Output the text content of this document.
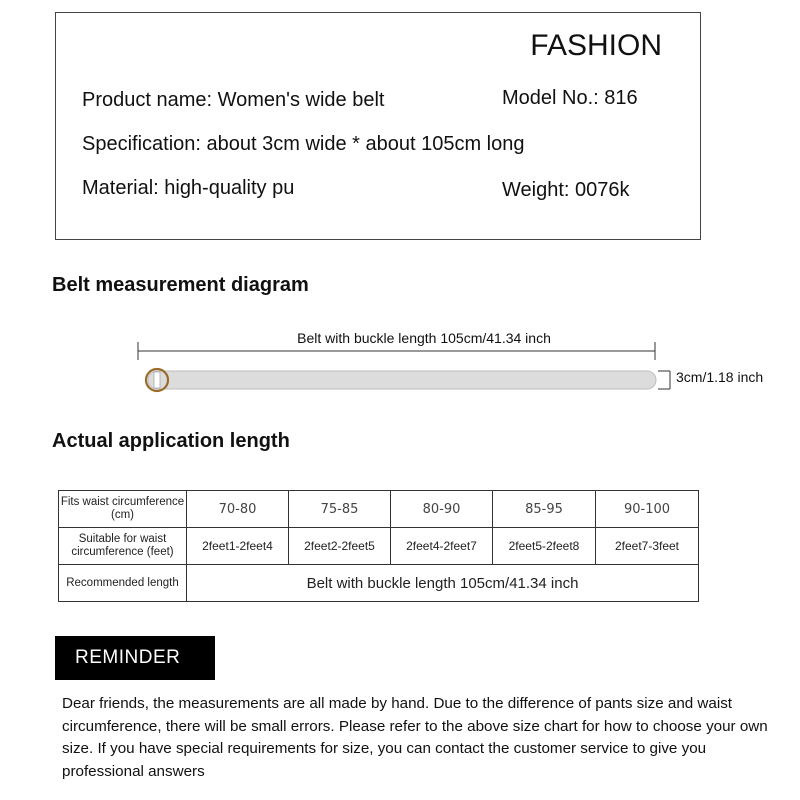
FASHION
Product name: Women's wide belt	Model No.: 816
Specification: about 3cm wide * about 105cm long
Material: high-quality pu	Weight: 0076k
Belt measurement diagram
Belt with buckle length 105cm/41.34 inch
3cm/1.18 inch
Actual application length
Fits waist circumference (cm)	70-80	75-85	80-90	85-95	90-100
Suitable for waist circumference (feet)	2feet1-2feet4	2feet2-2feet5	2feet4-2feet7	2feet5-2feet8	2feet7-3feet
Recommended length	Belt with buckle length 105cm/41.34 inch				
REMINDER
Dear friends, the measurements are all made by hand. Due to the difference of pants size and waist circumference, there will be small errors. Please refer to the above size chart for how to choose your own size. If you have special requirements for size, you can contact the customer service to give you professional answers
